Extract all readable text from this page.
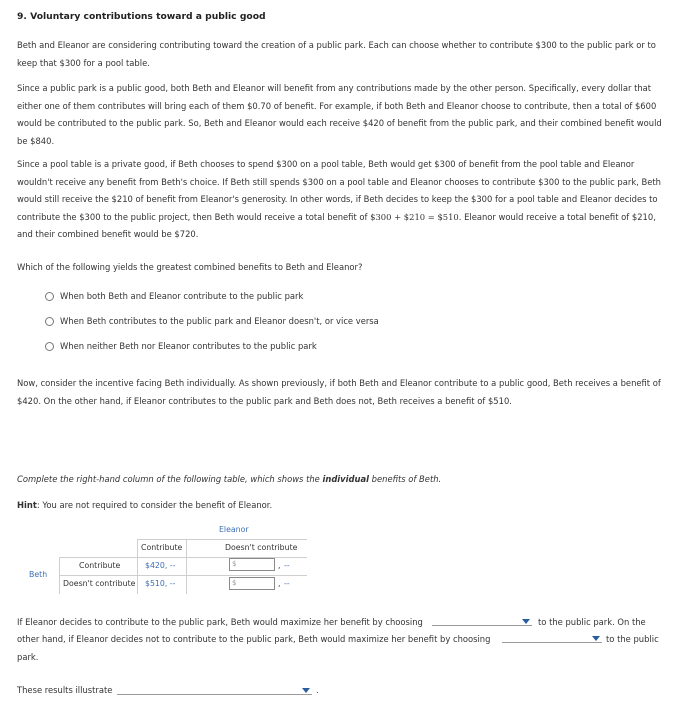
9. Voluntary contributions toward a public good
Beth and Eleanor are considering contributing toward the creation of a public park. Each can choose whether to contribute $300 to the public park or to keep that $300 for a pool table.
Since a public park is a public good, both Beth and Eleanor will benefit from any contributions made by the other person. Specifically, every dollar that either one of them contributes will bring each of them $0.70 of benefit. For example, if both Beth and Eleanor choose to contribute, then a total of $600 would be contributed to the public park. So, Beth and Eleanor would each receive $420 of benefit from the public park, and their combined benefit would be $840.
Since a pool table is a private good, if Beth chooses to spend $300 on a pool table, Beth would get $300 of benefit from the pool table and Eleanor wouldn't receive any benefit from Beth's choice. If Beth still spends $300 on a pool table and Eleanor chooses to contribute $300 to the public park, Beth would still receive the $210 of benefit from Eleanor's generosity. In other words, if Beth decides to keep the $300 for a pool table and Eleanor decides to contribute the $300 to the public project, then Beth would receive a total benefit of $300 + $210 = $510. Eleanor would receive a total benefit of $210, and their combined benefit would be $720.
Which of the following yields the greatest combined benefits to Beth and Eleanor?
When both Beth and Eleanor contribute to the public park
When Beth contributes to the public park and Eleanor doesn't, or vice versa
When neither Beth nor Eleanor contributes to the public park
Now, consider the incentive facing Beth individually. As shown previously, if both Beth and Eleanor contribute to a public good, Beth receives a benefit of $420. On the other hand, if Eleanor contributes to the public park and Beth does not, Beth receives a benefit of $510.
Complete the right-hand column of the following table, which shows the individual benefits of Beth.
Hint: You are not required to consider the benefit of Eleanor.
Eleanor
Beth
Contribute	Doesn't contribute
Contribute	$420, --	$	, --
Doesn't contribute $510, --	$	, --
If Eleanor decides to contribute to the public park, Beth would maximize her benefit by choosing	to the public park. On the
other hand, if Eleanor decides not to contribute to the public park, Beth would maximize her benefit by choosing	to the public
park.
These results illustrate	.
